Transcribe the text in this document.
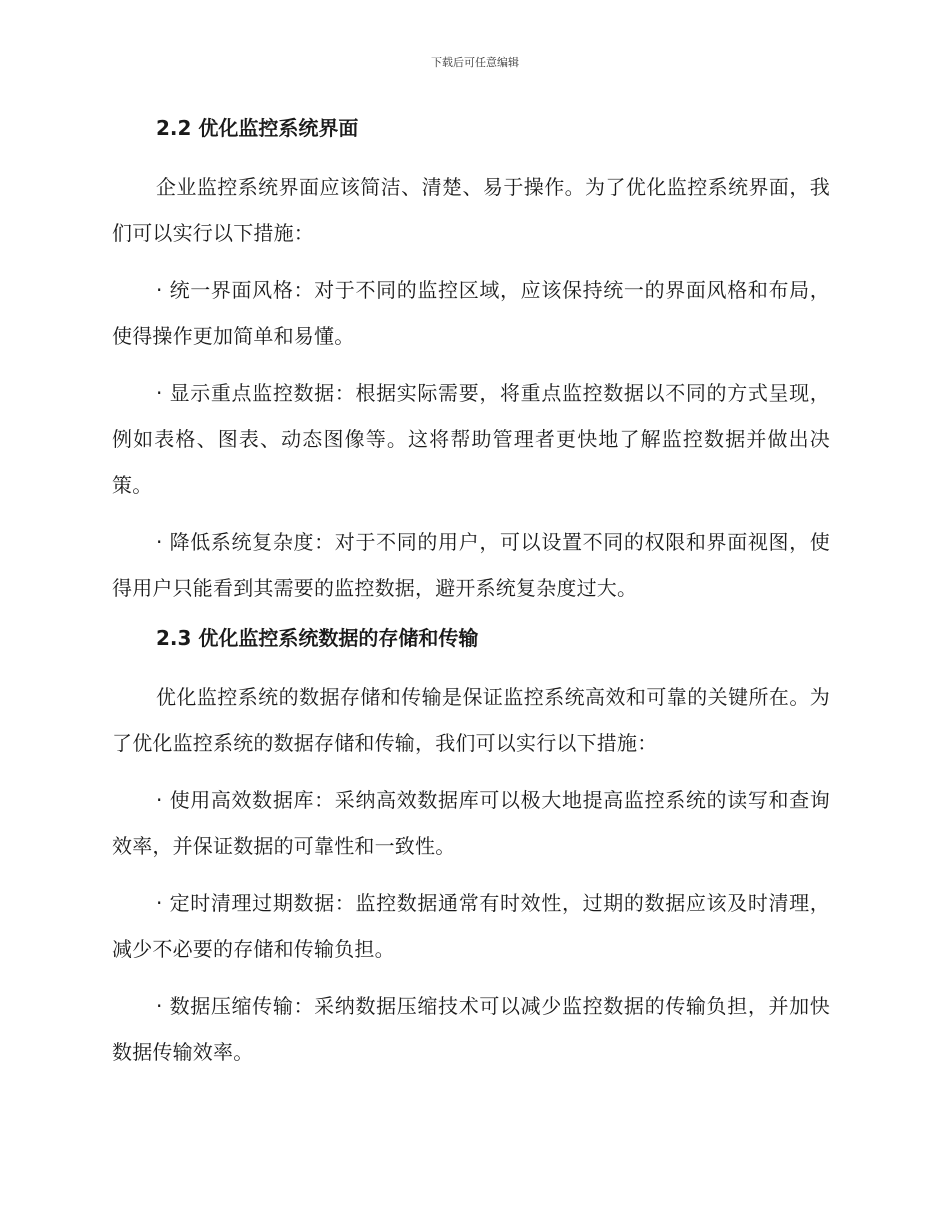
下载后可任意编辑
2.2 优化监控系统界面

企业监控系统界面应该简洁、清楚、易于操作。为了优化监控系统界面，我们可以实行以下措施：

· 统一界面风格：对于不同的监控区域，应该保持统一的界面风格和布局，使得操作更加简单和易懂。

· 显示重点监控数据：根据实际需要，将重点监控数据以不同的方式呈现，例如表格、图表、动态图像等。这将帮助管理者更快地了解监控数据并做出决策。

· 降低系统复杂度：对于不同的用户，可以设置不同的权限和界面视图，使得用户只能看到其需要的监控数据，避开系统复杂度过大。

2.3 优化监控系统数据的存储和传输

优化监控系统的数据存储和传输是保证监控系统高效和可靠的关键所在。为了优化监控系统的数据存储和传输，我们可以实行以下措施：

· 使用高效数据库：采纳高效数据库可以极大地提高监控系统的读写和查询效率，并保证数据的可靠性和一致性。

· 定时清理过期数据：监控数据通常有时效性，过期的数据应该及时清理，减少不必要的存储和传输负担。

· 数据压缩传输：采纳数据压缩技术可以减少监控数据的传输负担，并加快数据传输效率。
